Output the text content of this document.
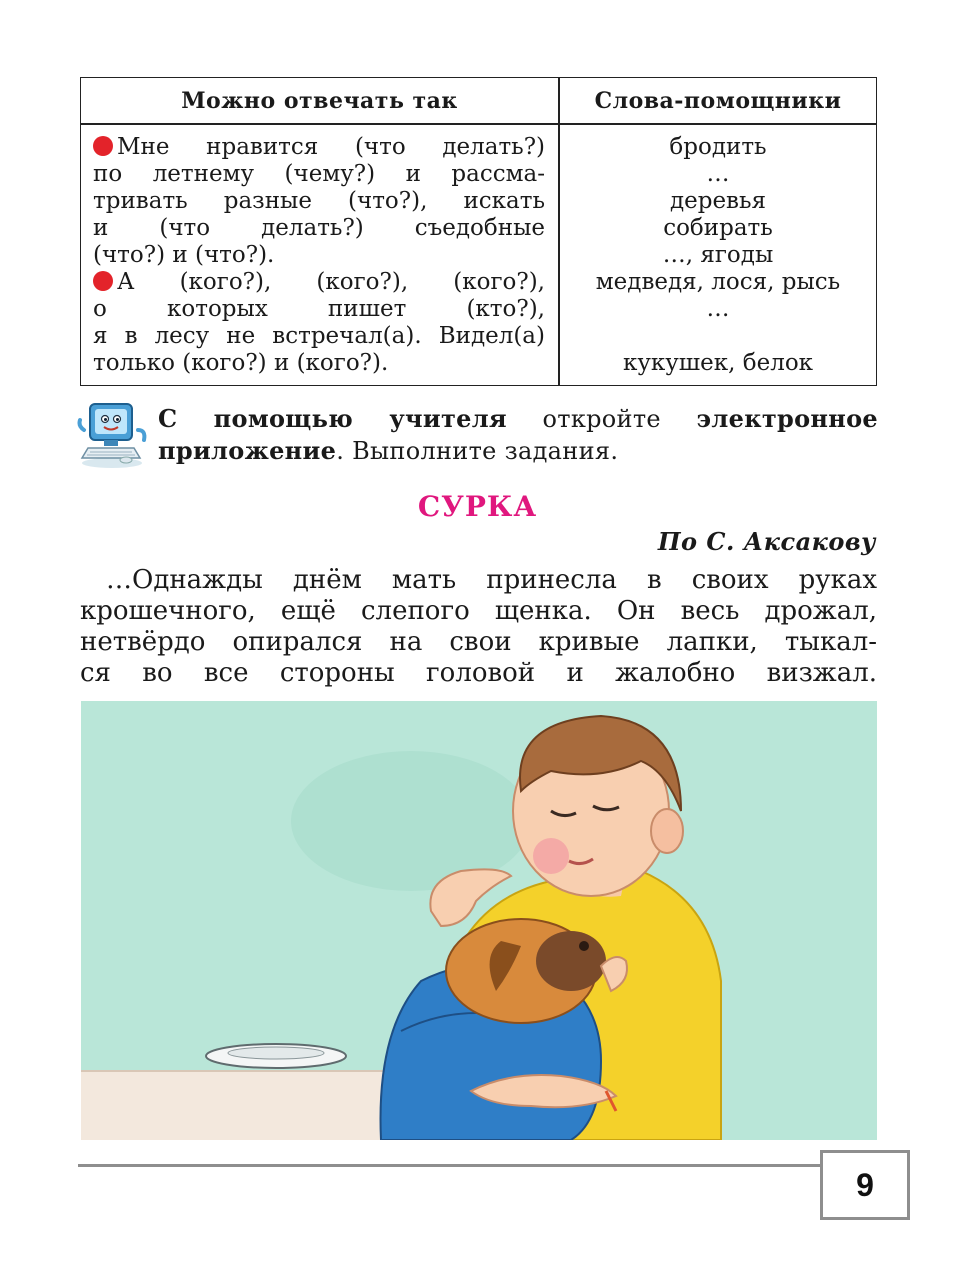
Можно отвечать так	Слова-помощники
Мне нравится (что делать?)
по летнему (чему?) и рассма-
тривать разные (что?), искать
и (что делать?) съедобные
(что?) и (что?).
А (кого?), (кого?), (кого?),
о которых пишет (кто?),
я в лесу не встречал(а). Видел(а)
только (кого?) и (кого?).
бродить
…
деревья
собирать
…, ягоды
медведя, лося, рысь
…
кукушек, белок
С помощью учителя откройте электронное
приложение. Выполните задания.
СУРКА
По С. Аксакову
…Однажды днём мать принесла в своих руках
крошечного, ещё слепого щенка. Он весь дрожал,
нетвёрдо опирался на свои кривые лапки, тыкал-
ся во все стороны головой и жалобно визжал.
9
